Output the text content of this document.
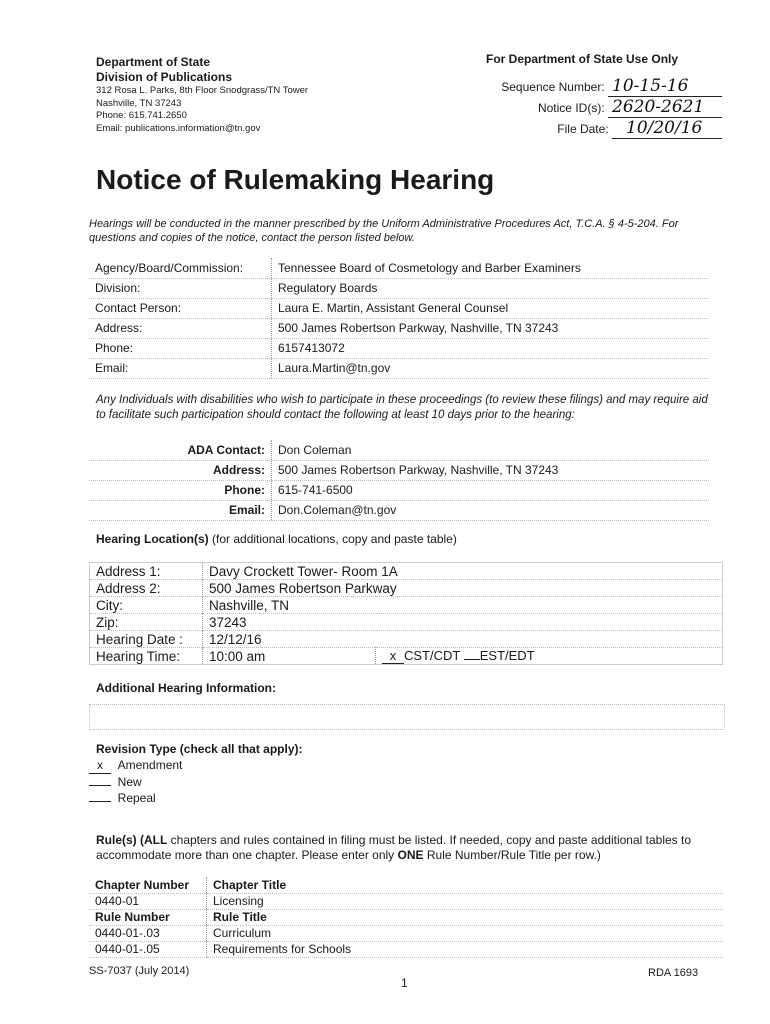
Department of State
Division of Publications
312 Rosa L. Parks, 8th Floor Snodgrass/TN Tower
Nashville, TN 37243
Phone: 615.741.2650
Email: publications.information@tn.gov
For Department of State Use Only
Sequence Number: 10-15-16
Notice ID(s): 2620-2621
File Date: 10/20/16
Notice of Rulemaking Hearing
Hearings will be conducted in the manner prescribed by the Uniform Administrative Procedures Act, T.C.A. § 4-5-204. For questions and copies of the notice, contact the person listed below.
Agency/Board/Commission:	Tennessee Board of Cosmetology and Barber Examiners
Division:	Regulatory Boards
Contact Person:	Laura E. Martin, Assistant General Counsel
Address:	500 James Robertson Parkway, Nashville, TN 37243
Phone:	6157413072
Email:	Laura.Martin@tn.gov
Any Individuals with disabilities who wish to participate in these proceedings (to review these filings) and may require aid to facilitate such participation should contact the following at least 10 days prior to the hearing:
ADA Contact:	Don Coleman
Address:	500 James Robertson Parkway, Nashville, TN 37243
Phone:	615-741-6500
Email:	Don.Coleman@tn.gov
Hearing Location(s) (for additional locations, copy and paste table)
Address 1:	Davy Crockett Tower- Room 1A	
Address 2:	500 James Robertson Parkway	
City:	Nashville, TN	
Zip:	37243	
Hearing Date :	12/12/16	
Hearing Time:	10:00 am	x CST/CDT EST/EDT
Additional Hearing Information:
Revision Type (check all that apply):
x Amendment
New
Repeal
Rule(s) (ALL chapters and rules contained in filing must be listed. If needed, copy and paste additional tables to accommodate more than one chapter. Please enter only ONE Rule Number/Rule Title per row.)
Chapter Number	Chapter Title
0440-01	Licensing
Rule Number	Rule Title
0440-01-.03	Curriculum
0440-01-.05	Requirements for Schools
SS-7037 (July 2014)
1
RDA 1693
